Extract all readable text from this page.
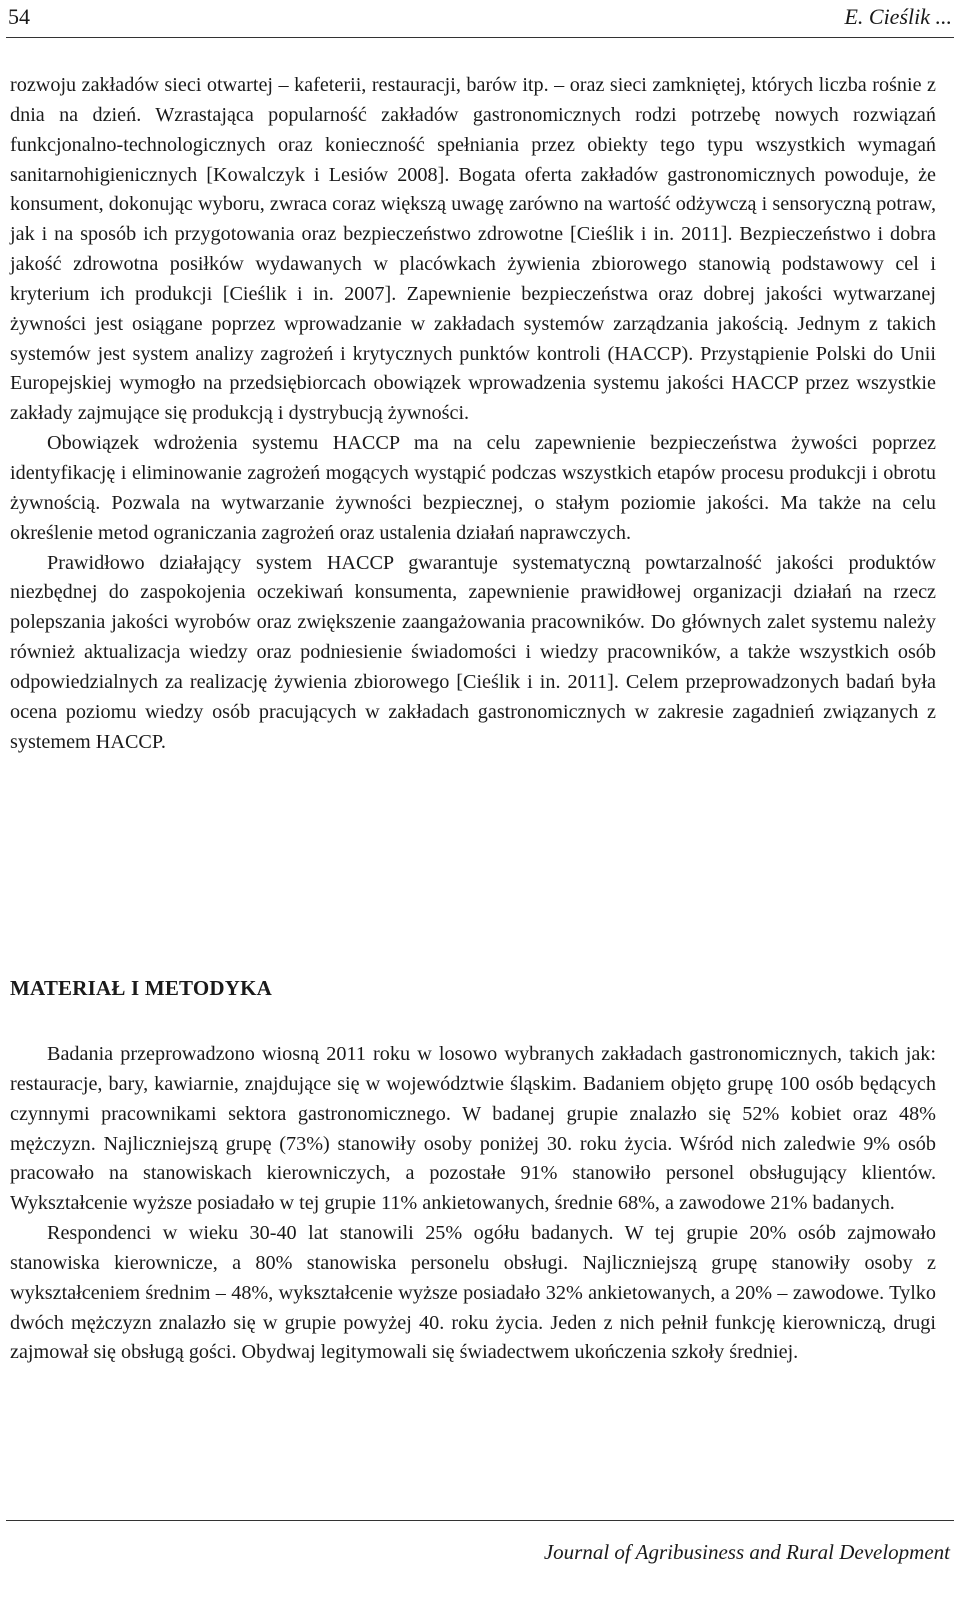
54	E. Cieślik ...

rozwoju zakładów sieci otwartej – kafeterii, restauracji, barów itp. – oraz sieci zamkniętej, których liczba rośnie z dnia na dzień. Wzrastająca popularność zakładów gastronomicznych rodzi potrzebę nowych rozwiązań funkcjonalno-technologicznych oraz konieczność spełniania przez obiekty tego typu wszystkich wymagań sanitarnohigienicznych [Kowalczyk i Lesiów 2008]. Bogata oferta zakładów gastronomicznych powoduje, że konsument, dokonując wyboru, zwraca coraz większą uwagę zarówno na wartość odżywczą i sensoryczną potraw, jak i na sposób ich przygotowania oraz bezpieczeństwo zdrowotne [Cieślik i in. 2011]. Bezpieczeństwo i dobra jakość zdrowotna posiłków wydawanych w placówkach żywienia zbiorowego stanowią podstawowy cel i kryterium ich produkcji [Cieślik i in. 2007]. Zapewnienie bezpieczeństwa oraz dobrej jakości wytwarzanej żywności jest osiągane poprzez wprowadzanie w zakładach systemów zarządzania jakością. Jednym z takich systemów jest system analizy zagrożeń i krytycznych punktów kontroli (HACCP). Przystąpienie Polski do Unii Europejskiej wymogło na przedsiębiorcach obowiązek wprowadzenia systemu jakości HACCP przez wszystkie zakłady zajmujące się produkcją i dystrybucją żywności.

Obowiązek wdrożenia systemu HACCP ma na celu zapewnienie bezpieczeństwa żywości poprzez identyfikację i eliminowanie zagrożeń mogących wystąpić podczas wszystkich etapów procesu produkcji i obrotu żywnością. Pozwala na wytwarzanie żywności bezpiecznej, o stałym poziomie jakości. Ma także na celu określenie metod ograniczania zagrożeń oraz ustalenia działań naprawczych.

Prawidłowo działający system HACCP gwarantuje systematyczną powtarzalność jakości produktów niezbędnej do zaspokojenia oczekiwań konsumenta, zapewnienie prawidłowej organizacji działań na rzecz polepszania jakości wyrobów oraz zwiększenie zaangażowania pracowników. Do głównych zalet systemu należy również aktualizacja wiedzy oraz podniesienie świadomości i wiedzy pracowników, a także wszystkich osób odpowiedzialnych za realizację żywienia zbiorowego [Cieślik i in. 2011]. Celem przeprowadzonych badań była ocena poziomu wiedzy osób pracujących w zakładach gastronomicznych w zakresie zagadnień związanych z systemem HACCP.

MATERIAŁ I METODYKA

Badania przeprowadzono wiosną 2011 roku w losowo wybranych zakładach gastronomicznych, takich jak: restauracje, bary, kawiarnie, znajdujące się w województwie śląskim. Badaniem objęto grupę 100 osób będących czynnymi pracownikami sektora gastronomicznego. W badanej grupie znalazło się 52% kobiet oraz 48% mężczyzn. Najliczniejszą grupę (73%) stanowiły osoby poniżej 30. roku życia. Wśród nich zaledwie 9% osób pracowało na stanowiskach kierowniczych, a pozostałe 91% stanowiło personel obsługujący klientów. Wykształcenie wyższe posiadało w tej grupie 11% ankietowanych, średnie 68%, a zawodowe 21% badanych.

Respondenci w wieku 30-40 lat stanowili 25% ogółu badanych. W tej grupie 20% osób zajmowało stanowiska kierownicze, a 80% stanowiska personelu obsługi. Najliczniejszą grupę stanowiły osoby z wykształceniem średnim – 48%, wykształcenie wyższe posiadało 32% ankietowanych, a 20% – zawodowe. Tylko dwóch mężczyzn znalazło się w grupie powyżej 40. roku życia. Jeden z nich pełnił funkcję kierowniczą, drugi zajmował się obsługą gości. Obydwaj legitymowali się świadectwem ukończenia szkoły średniej.

Journal of Agribusiness and Rural Development
